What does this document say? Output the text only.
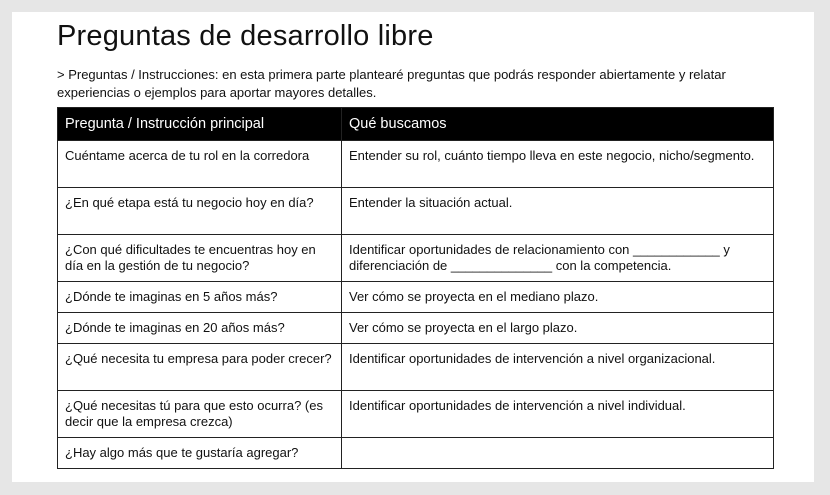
Preguntas de desarrollo libre

> Preguntas / Instrucciones: en esta primera parte plantearé preguntas que podrás responder abiertamente y relatar experiencias o ejemplos para aportar mayores detalles.

Pregunta / Instrucción principal	Qué buscamos
Cuéntame acerca de tu rol en la corredora	Entender su rol, cuánto tiempo lleva en este negocio, nicho/segmento.
¿En qué etapa está tu negocio hoy en día?	Entender la situación actual.
¿Con qué dificultades te encuentras hoy en día en la gestión de tu negocio?	Identificar oportunidades de relacionamiento con ____________ y diferenciación de ______________ con la competencia.
¿Dónde te imaginas en 5 años más?	Ver cómo se proyecta en el mediano plazo.
¿Dónde te imaginas en 20 años más?	Ver cómo se proyecta en el largo plazo.
¿Qué necesita tu empresa para poder crecer?	Identificar oportunidades de intervención a nivel organizacional.
¿Qué necesitas tú para que esto ocurra? (es decir que la empresa crezca)	Identificar oportunidades de intervención a nivel individual.
¿Hay algo más que te gustaría agregar?	
